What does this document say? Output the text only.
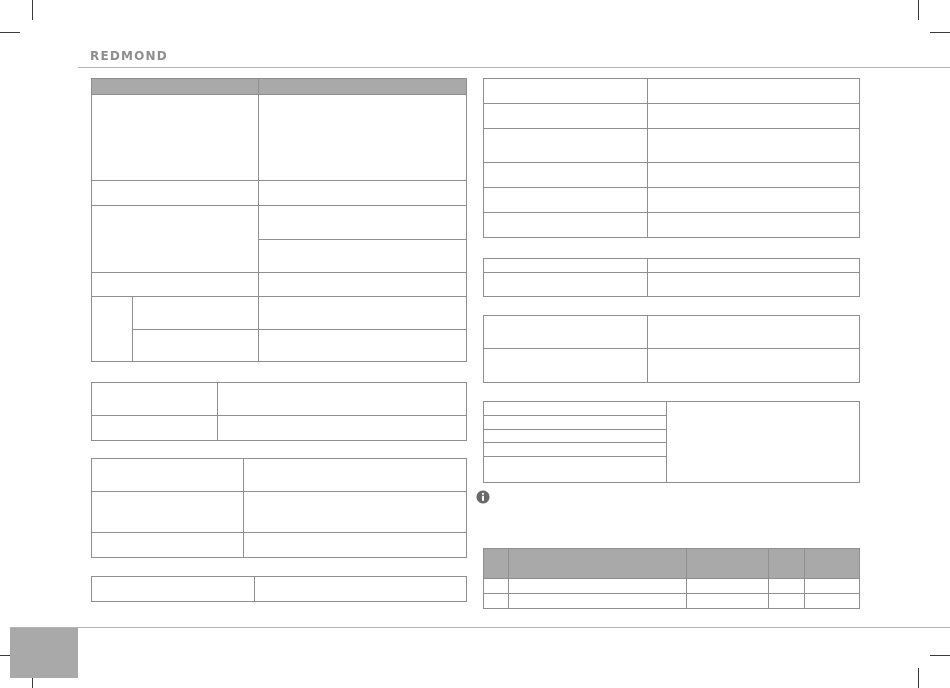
REDMOND
